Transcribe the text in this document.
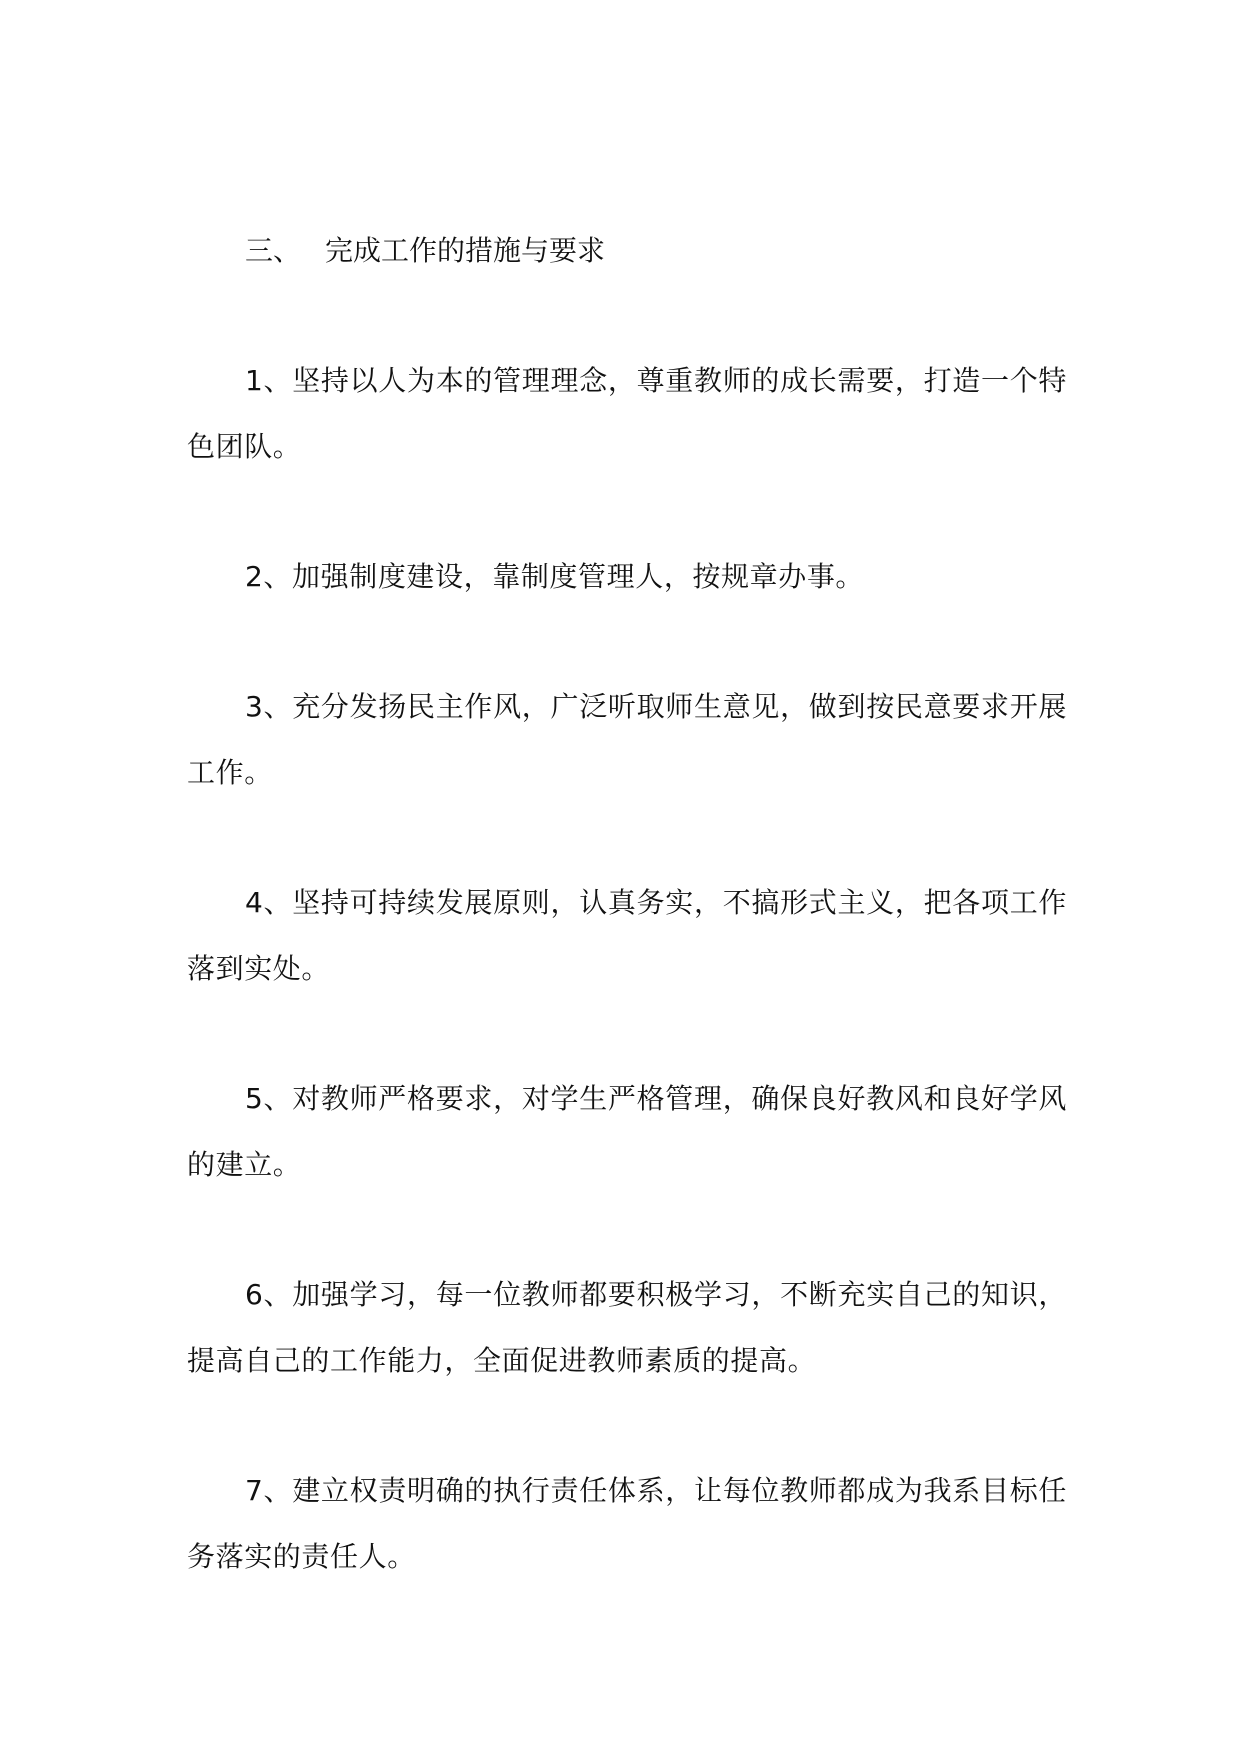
三、 完成工作的措施与要求

1、坚持以人为本的管理理念，尊重教师的成长需要，打造一个特色团队。

2、加强制度建设，靠制度管理人，按规章办事。

3、充分发扬民主作风，广泛听取师生意见，做到按民意要求开展工作。

4、坚持可持续发展原则，认真务实，不搞形式主义，把各项工作落到实处。

5、对教师严格要求，对学生严格管理，确保良好教风和良好学风的建立。

6、加强学习，每一位教师都要积极学习，不断充实自己的知识，提高自己的工作能力，全面促进教师素质的提高。

7、建立权责明确的执行责任体系，让每位教师都成为我系目标任务落实的责任人。
